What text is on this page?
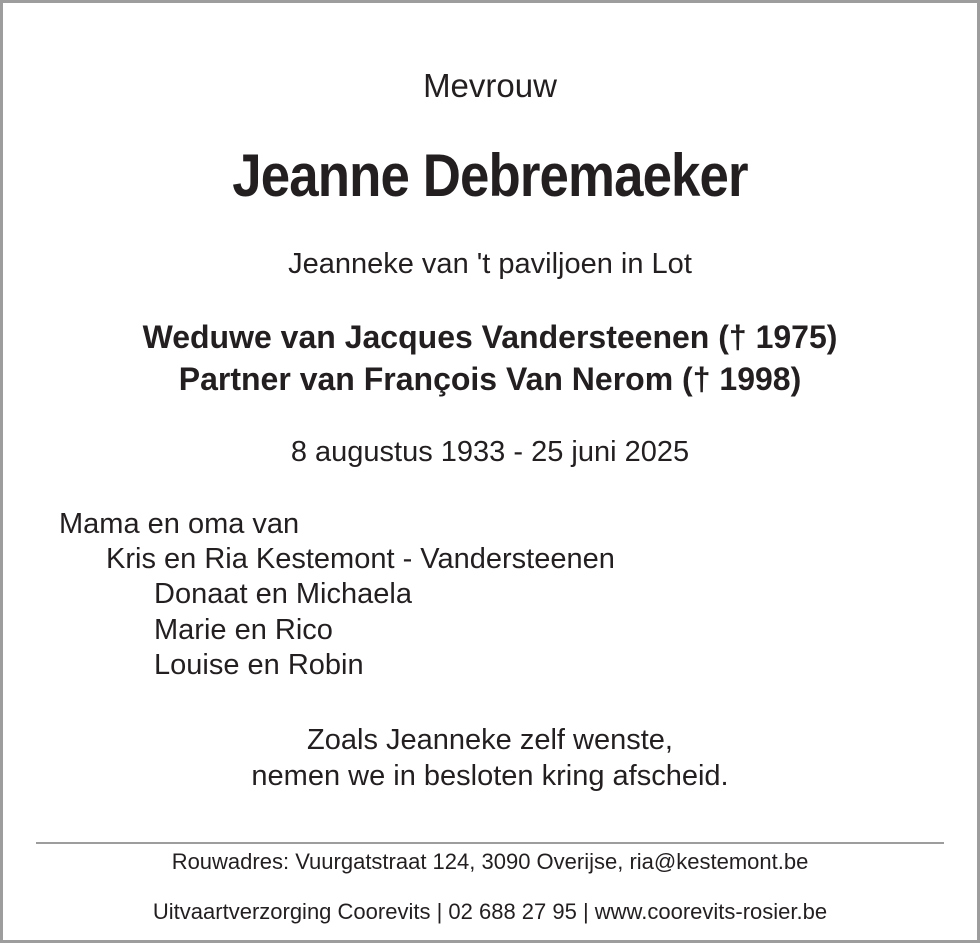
Mevrouw
Jeanne Debremaeker
Jeanneke van 't paviljoen in Lot
Weduwe van Jacques Vandersteenen († 1975)
Partner van François Van Nerom († 1998)
8 augustus 1933 - 25 juni 2025
Mama en oma van
Kris en Ria Kestemont - Vandersteenen
Donaat en Michaela
Marie en Rico
Louise en Robin
Zoals Jeanneke zelf wenste,
nemen we in besloten kring afscheid.
Rouwadres: Vuurgatstraat 124, 3090 Overijse, ria@kestemont.be
Uitvaartverzorging Coorevits | 02 688 27 95 | www.coorevits-rosier.be
